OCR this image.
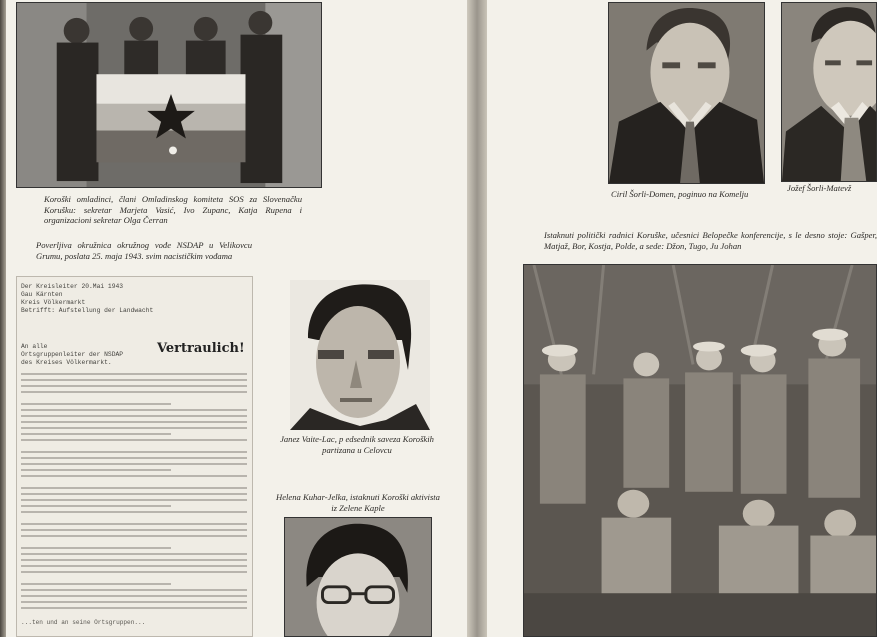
Koroški omladinci, člani Omladinskog komiteta SOS za Slovenačku Korušku: sekretar Marjeta Vasić, Ivo Zupanc, Katja Rupena i organizacioni sekretar Olga Čerran
Poverljiva okružnica okružnog vođe NSDAP u Velikovcu Grumu, poslata 25. maja 1943. svim nacističkim vođama
Der Kreisleiter 20.Mai 1943
Gau Kärnten
Kreis Völkermarkt
Betrifft: Aufstellung der Landwacht
An alle
Ortsgruppenleiter der NSDAP
des Kreises Völkermarkt.
Vertraulich!
...ten und an seine Ortsgruppen...
Janez Vaite-Lac, p edsednik saveza Koroških partizana u Celovcu
Helena Kuhar-Jelka, istaknuti Koroški aktivista iz Zelene Kaple
Ciril Šorli-Domen, poginuo na Komelju
Jožef Šorli-Matevž
Istaknuti politički radnici Koruške, učesnici Belopečke konferencije, s le desno stoje: Gašper, Matjaž, Bor, Kostja, Polde, a sede: Džon, Tugo, Ju Johan
